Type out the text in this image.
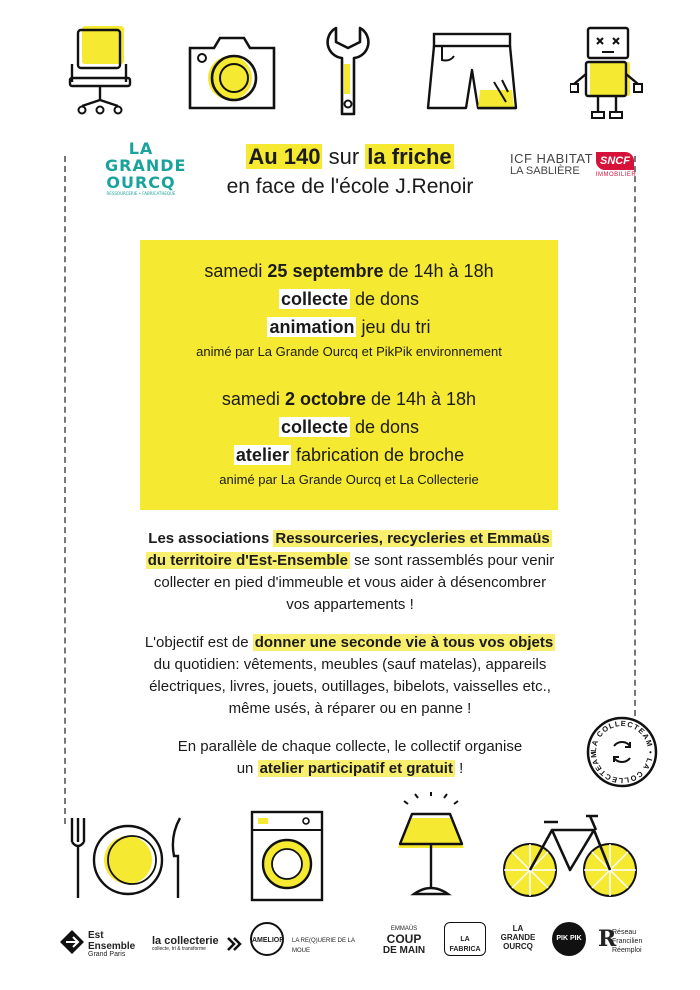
LA
GRANDE
OURCQ
RESSOURCERIE • FABRICATHEQUE
Au 140 sur la friche
en face de l'école J.Renoir
ICF HABITAT
LA SABLIÈRE
SNCF
IMMOBILIER

samedi 25 septembre de 14h à 18h

collecte de dons

animation jeu du tri

animé par La Grande Ourcq et PikPik environnement

samedi 2 octobre de 14h à 18h

collecte de dons

atelier fabrication de broche

animé par La Grande Ourcq et La Collecterie

Les associations Ressourceries, recycleries et Emmaüs
du territoire d'Est-Ensemble se sont rassemblés pour venir
collecter en pied d'immeuble et vous aider à désencombrer
vos appartements !
L'objectif est de donner une seconde vie à tous vos objets
du quotidien: vêtements, meubles (sauf matelas), appareils
électriques, livres, jouets, outillages, bibelots, vaisselles etc.,
même usés, à réparer ou en panne !
En parallèle de chaque collecte, le collectif organise
un atelier participatif et gratuit !
LA COLLECTEAM • LA COLLECTEAM
Est Ensemble
Grand Paris
la collecterie
collecte, tri & transforme
AMELIOR LA RE(Q)UERIE DE LA MOUE
EMMAÜS
COUP
DE MAIN
LA FABRICA
LA
GRANDE
OURCQ
PIK PIK R
Réseau
Francilien
Réemploi
